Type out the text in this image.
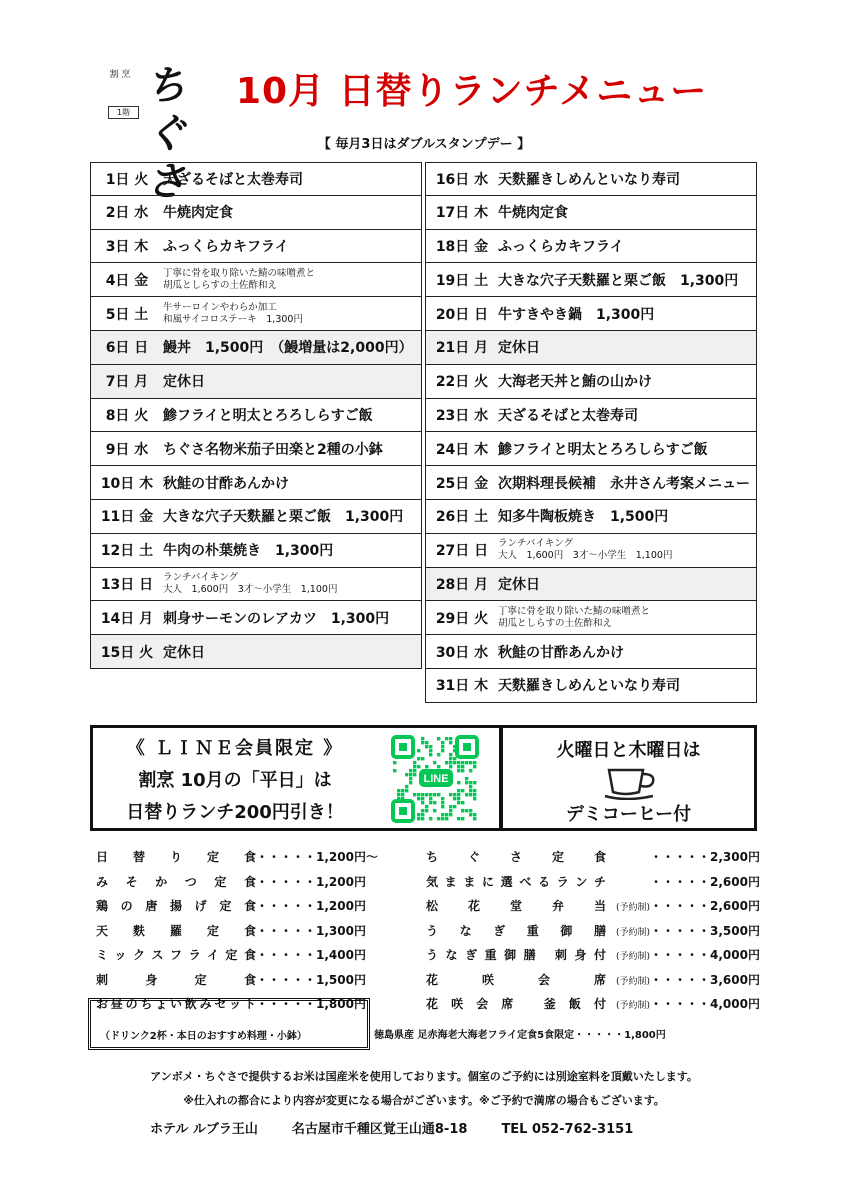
割 烹 ちぐさ
1階
10月 日替りランチメニュー
【 毎月3日はダブルスタンプデー 】
1日 火	天ざるそばと太巻寿司
2日 水	牛焼肉定食
3日 木	ふっくらカキフライ
4日 金	丁寧に骨を取り除いた鯖の味噌煮と
胡瓜としらすの土佐酢和え
5日 土	牛サーロインやわらか加工
和風サイコロステーキ　1,300円
6日 日	鰻丼　1,500円　（鰻増量は2,000円）
7日 月	定休日
8日 火	鯵フライと明太とろろしらすご飯
9日 水	ちぐさ名物米茄子田楽と2種の小鉢
10日 木 秋鮭の甘酢あんかけ
11日 金 大きな穴子天麩羅と栗ご飯　1,300円
12日 土 牛肉の朴葉焼き　1,300円
13日 日	ランチバイキング
大人　1,600円　3才～小学生　1,100円
14日 月 刺身サーモンのレアカツ　1,300円
15日 火 定休日
16日 水 天麩羅きしめんといなり寿司
17日 木 牛焼肉定食
18日 金 ふっくらカキフライ
19日 土 大きな穴子天麩羅と栗ご飯　1,300円
20日 日 牛すきやき鍋　1,300円
21日 月 定休日
22日 火 大海老天丼と鮪の山かけ
23日 水 天ざるそばと太巻寿司
24日 木 鯵フライと明太とろろしらすご飯
25日 金 次期料理長候補　永井さん考案メニュー
26日 土 知多牛陶板焼き　1,500円
27日 日	ランチバイキング
大人　1,600円　3才～小学生　1,100円
28日 月 定休日
29日 火	丁寧に骨を取り除いた鯖の味噌煮と
胡瓜としらすの土佐酢和え
30日 水 秋鮭の甘酢あんかけ
31日 木 天麩羅きしめんといなり寿司
《 ＬＩＮＥ会員限定 》
割烹 10月の「平日」は
日替りランチ200円引き！
LINE
火曜日と木曜日は
デミコーヒー付
日替り定食・・・・・1,200円～
みそかつ定食・・・・・1,200円
鶏の唐揚げ定食・・・・・1,200円
天麩羅定食・・・・・1,300円
ミックスフライ定食・・・・・1,400円
刺身定食・・・・・1,500円
お昼のちょい飲みセット・・・・・1,800円
（ドリンク2杯・本日のおすすめ料理・小鉢）
ちぐさ定食	・・・・・2,300円
気ままに選べるランチ	・・・・・2,600円
松花堂弁当 (予約制)・・・・・2,600円
うなぎ重御膳 (予約制)・・・・・3,500円
うなぎ重御膳 刺身付 (予約制)・・・・・4,000円
花咲会席 (予約制)・・・・・3,600円
花咲会席 釜飯付 (予約制)・・・・・4,000円
徳島県産 足赤海老大海老フライ定食5食限定・・・・・1,800円
アンボメ・ちぐさで提供するお米は国産米を使用しております。個室のご予約には別途室料を頂戴いたします。
※仕入れの都合により内容が変更になる場合がございます。※ご予約で満席の場合もございます。
ホテル ルブラ王山	名古屋市千種区覚王山通8-18	TEL 052-762-3151
